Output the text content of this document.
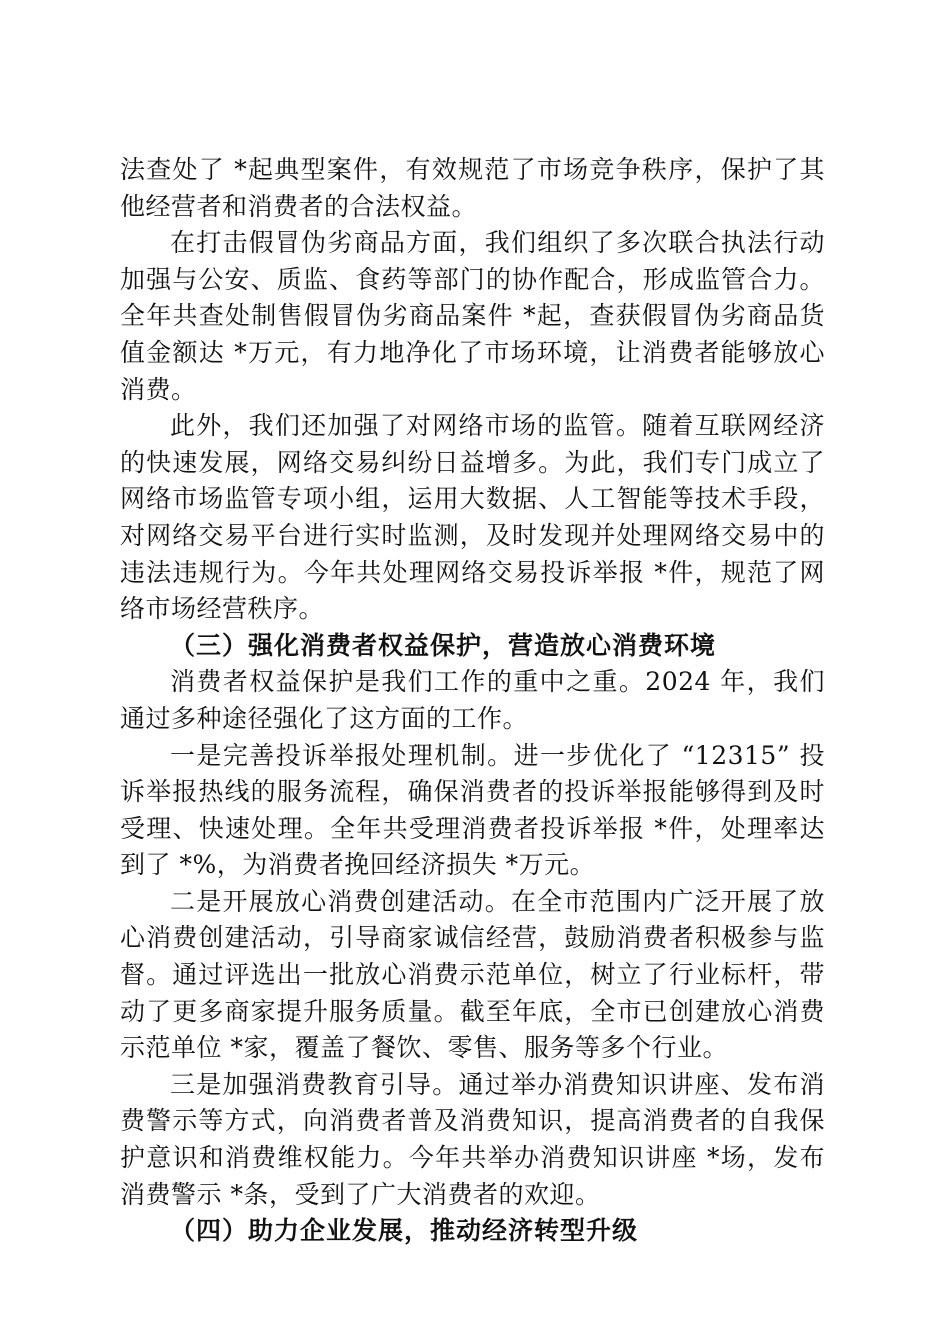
法查处了 *起典型案件，有效规范了市场竞争秩序，保护了其他经营者和消费者的合法权益。

在打击假冒伪劣商品方面，我们组织了多次联合执法行动加强与公安、质监、食药等部门的协作配合，形成监管合力。全年共查处制售假冒伪劣商品案件 *起，查获假冒伪劣商品货值金额达 *万元，有力地净化了市场环境，让消费者能够放心消费。

此外，我们还加强了对网络市场的监管。随着互联网经济的快速发展，网络交易纠纷日益增多。为此，我们专门成立了网络市场监管专项小组，运用大数据、人工智能等技术手段，对网络交易平台进行实时监测，及时发现并处理网络交易中的违法违规行为。今年共处理网络交易投诉举报 *件，规范了网络市场经营秩序。

（三）强化消费者权益保护，营造放心消费环境

消费者权益保护是我们工作的重中之重。2024 年，我们通过多种途径强化了这方面的工作。

一是完善投诉举报处理机制。进一步优化了 “12315” 投诉举报热线的服务流程，确保消费者的投诉举报能够得到及时受理、快速处理。全年共受理消费者投诉举报 *件，处理率达到了 *%，为消费者挽回经济损失 *万元。

二是开展放心消费创建活动。在全市范围内广泛开展了放心消费创建活动，引导商家诚信经营，鼓励消费者积极参与监督。通过评选出一批放心消费示范单位，树立了行业标杆，带动了更多商家提升服务质量。截至年底，全市已创建放心消费示范单位 *家，覆盖了餐饮、零售、服务等多个行业。

三是加强消费教育引导。通过举办消费知识讲座、发布消费警示等方式，向消费者普及消费知识，提高消费者的自我保护意识和消费维权能力。今年共举办消费知识讲座 *场，发布消费警示 *条，受到了广大消费者的欢迎。

（四）助力企业发展，推动经济转型升级
